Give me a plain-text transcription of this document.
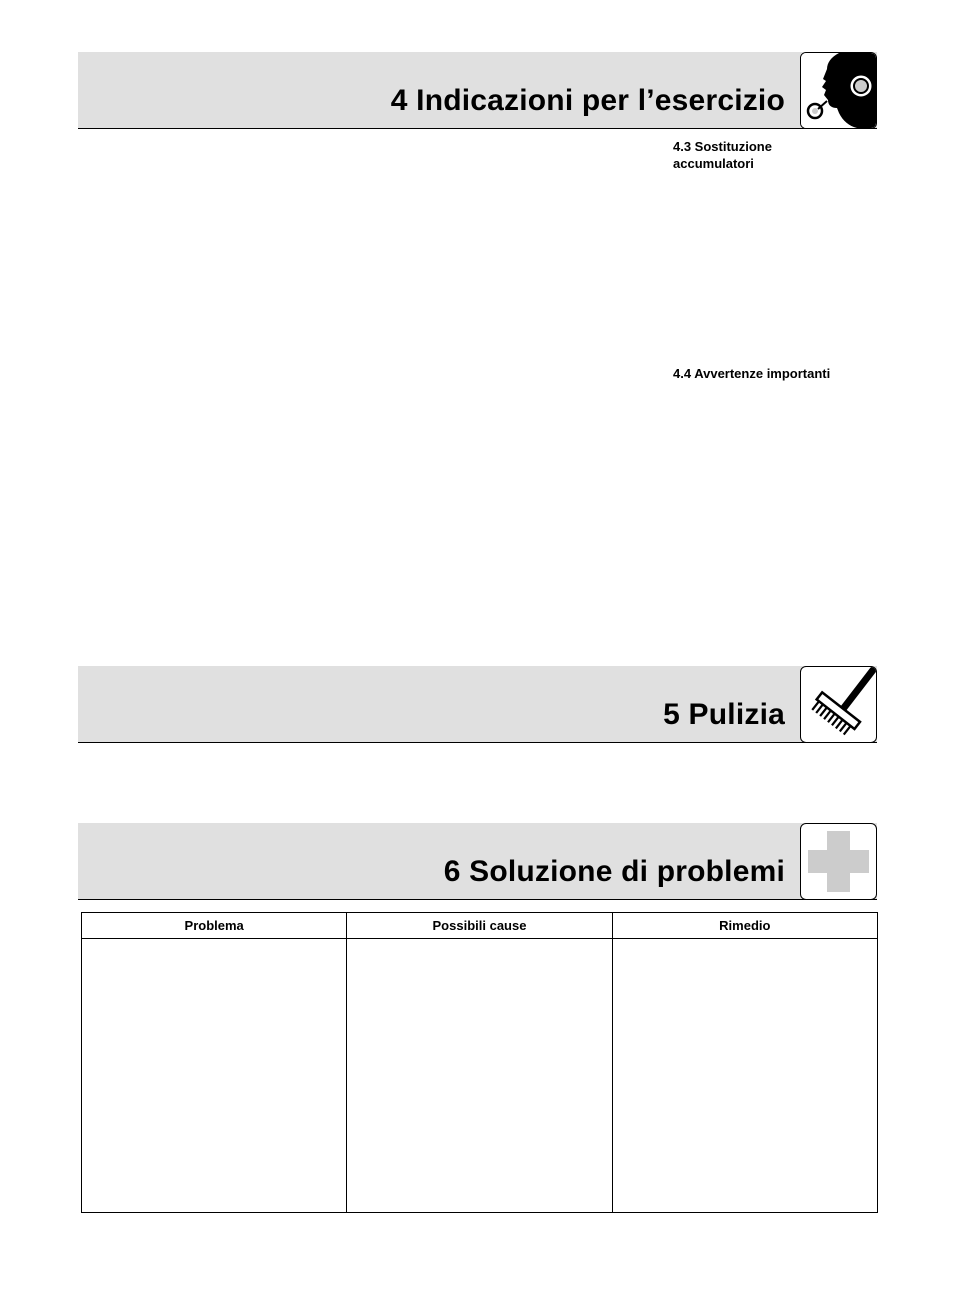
4 Indicazioni per l’esercizio
4.3 Sostituzione accumulatori
4.4 Avvertenze importanti
5 Pulizia
6 Soluzione di problemi
Problema	Possibili cause	Rimedio
